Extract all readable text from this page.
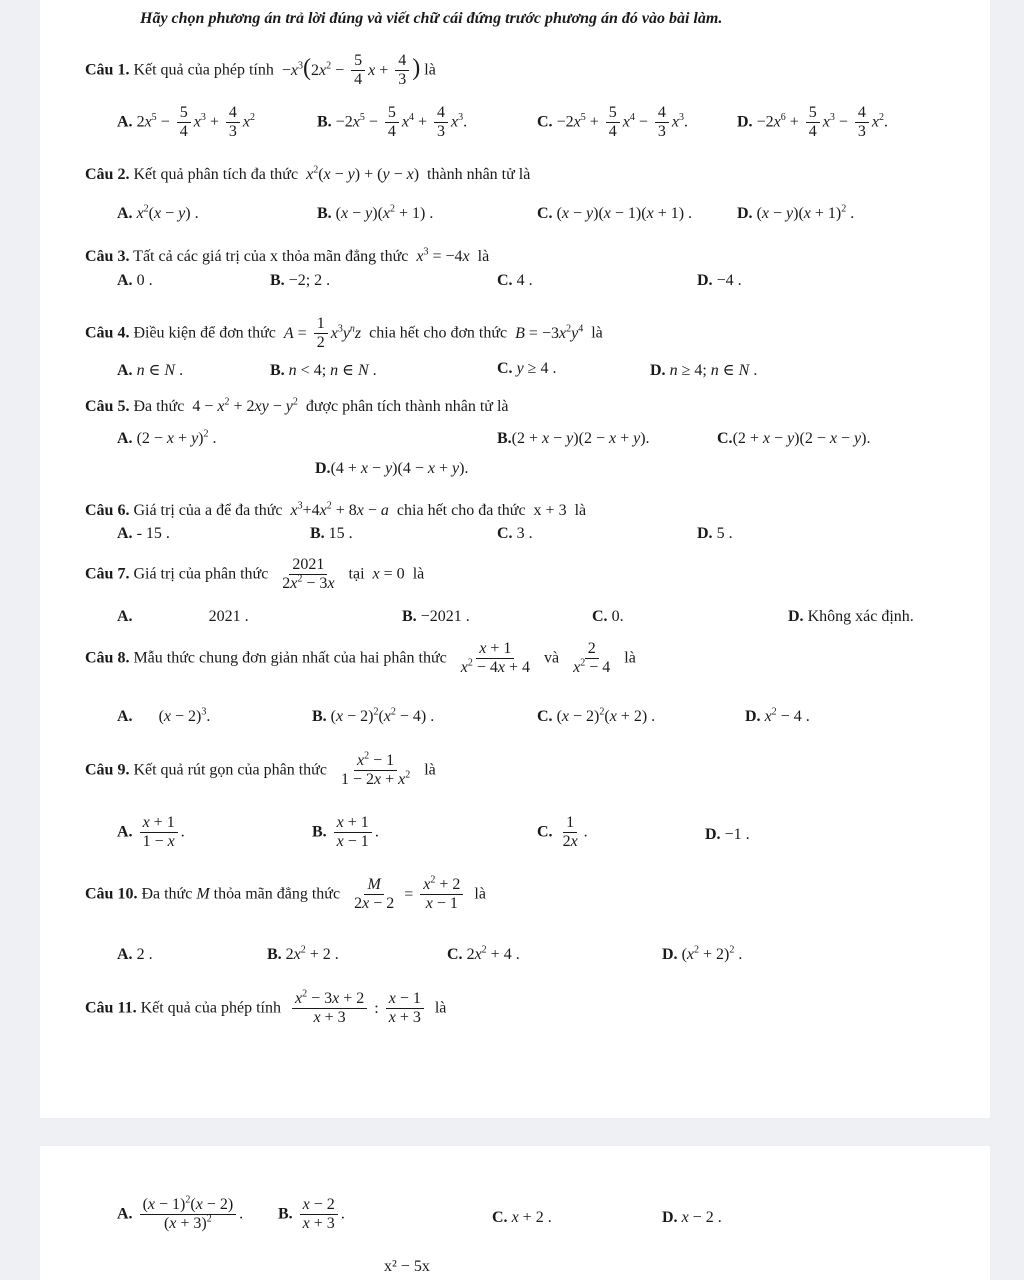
Hãy chọn phương án trả lời đúng và viết chữ cái đứng trước phương án đó vào bài làm.
Câu 1. Kết quả của phép tính  $-x^3(2x^2 - \frac{5}{4}$ $x + \frac{4}{3}$ ) là
A. $2x^5 - \frac{5}{4} x^3 + \frac{4}{3} x^2$	B. $-2x^5 - \frac{5}{4} x^4 + \frac{4}{3} x^3$.	C. $-2x^5 + \frac{5}{4} x^4 - \frac{4}{3} x^3$.	D. $-2x^6 + \frac{5}{4} x^3 - \frac{4}{3} x^2$.
Câu 2. Kết quả phân tích đa thức $x^2(x - y) + (y - x)$  thành nhân tử là
A. $x^2(x - y)$ .	B. $(x - y)(x^2 + 1)$ .	C. (x − y)(x − 1)(x + 1) .	D. $(x - y)(x + 1)^2$ .
Câu 3. Tất cả các giá trị của x thỏa mãn đẳng thức $x^3 = -4x$ là
A. 0 .	B. −2; 2 .	C. 4 .	D. −4 .
Câu 4. Điều kiện để đơn thức $A = \frac{1}{2} x^3y^nz$ chia hết cho đơn thức $B = -3x^2y^4$ là
A. n ∈ N .	B. n < 4; n ∈ N .	C. y ≥ 4 .	D. n ≥ 4; n ∈ N .
Câu 5. Đa thức  $4 - x^2 + 2xy - y^2$ được phân tích thành nhân tử là
A. $(2 - x + y)^2$ .	B.(2 + x − y)(2 − x + y).	C.(2 + x − y)(2 − x − y).
D.(4 + x − y)(4 − x + y).
Câu 6. Giá trị của a để đa thức $x^3+4x^2 + 8x - a$ chia hết cho đa thức  x + 3  là
A. - 15 .	B. 15 .	C. 3 .	D. 5 .
Câu 7. Giá trị của phân thức $\frac{2021}{2x^2 - 3x}$ tại x = 0  là
A.	2021 .	B. −2021 .	C. 0.	D. Không xác định.
Câu 8. Mẫu thức chung đơn giản nhất của hai phân thức $\frac{x + 1}{x^2 - 4x + 4}$ và $\frac{2}{x^2 - 4}$ là
A. $(x - 2)^3$.	B. $(x - 2)^2(x^2 - 4)$ .	C. $(x - 2)^2(x + 2)$ .	D. $x^2 - 4$ .
Câu 9. Kết quả rút gọn của phân thức $\frac{x^2 - 1}{1 - 2x + x^2}$ là
A. $\frac{x + 1}{1 - x}$ .	B. $\frac{x + 1}{x - 1}$ .	C. $\frac{1}{2x}$ .	D. −1 .
Câu 10. Đa thức M thỏa mãn đẳng thức $\frac{M}{2x - 2} = \frac{x^2 + 2}{x - 1}$ là
A. 2 .	B. $2x^2 + 2$ .	C. $2x^2 + 4$ .	D. $(x^2 + 2)^2$ .
Câu 11. Kết quả của phép tính $\frac{x^2 - 3x + 2}{x + 3}$ : $\frac{x - 1}{x + 3}$ là
A. $\frac{(x - 1)^2(x - 2)}{(x + 3)^2}$ . B. $\frac{x - 2}{x + 3}$ .	C. x + 2 .	D. x − 2 .
x² − 5x
